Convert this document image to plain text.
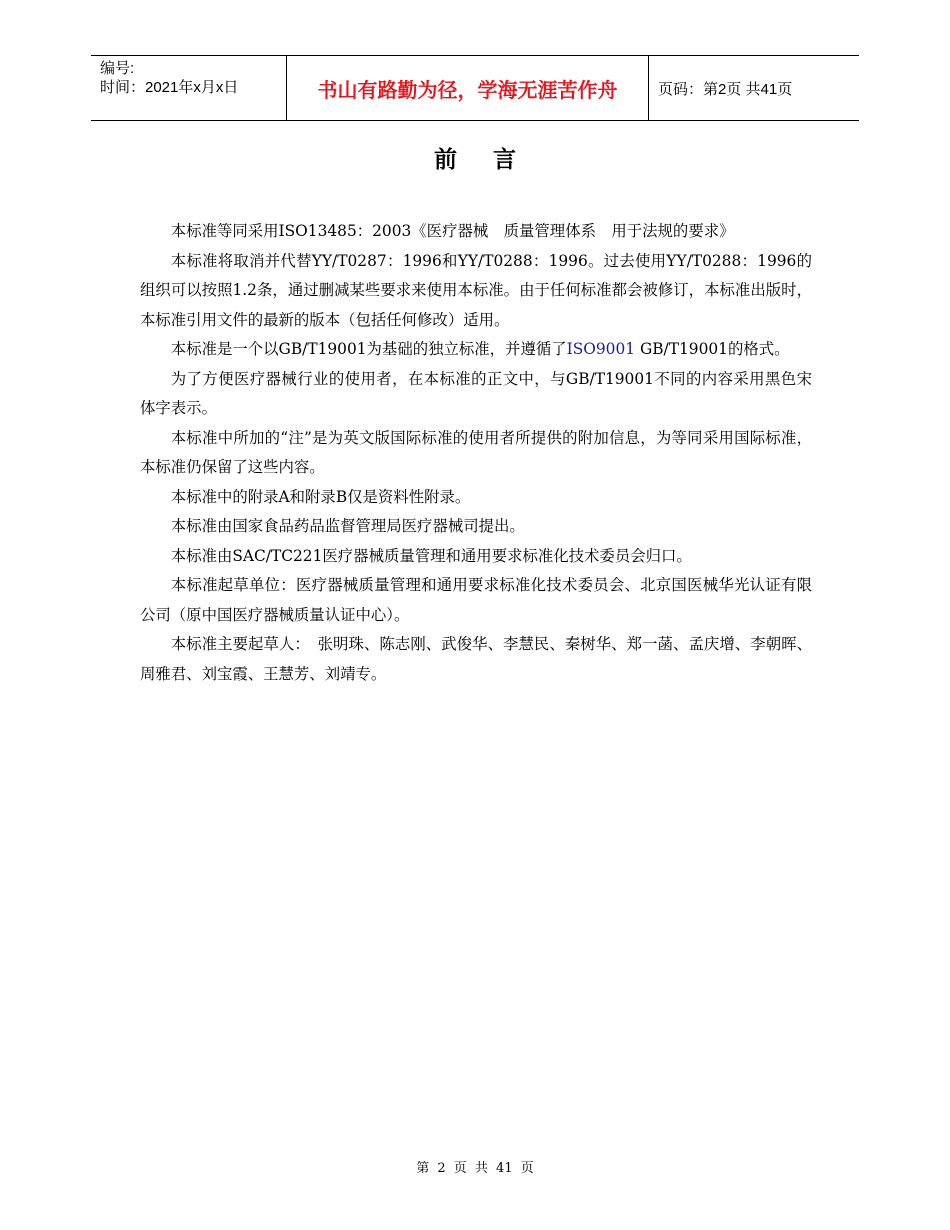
编号:
时间：2021年x月x日	书山有路勤为径，学海无涯苦作舟	页码：第2页 共41页
前言

本标准等同采用ISO13485：2003《医疗器械　质量管理体系　用于法规的要求》

本标准将取消并代替YY/T0287：1996和YY/T0288：1996。过去使用YY/T0288：1996的组织可以按照1.2条，通过删减某些要求来使用本标准。由于任何标准都会被修订，本标准出版时，本标准引用文件的最新的版本（包括任何修改）适用。

本标准是一个以GB/T19001为基础的独立标准，并遵循了ISO9001 GB/T19001的格式。

为了方便医疗器械行业的使用者，在本标准的正文中，与GB/T19001不同的内容采用黑色宋体字表示。

本标准中所加的“注”是为英文版国际标准的使用者所提供的附加信息，为等同采用国际标准，本标准仍保留了这些内容。

本标准中的附录A和附录B仅是资料性附录。

本标准由国家食品药品监督管理局医疗器械司提出。

本标准由SAC/TC221医疗器械质量管理和通用要求标准化技术委员会归口。

本标准起草单位：医疗器械质量管理和通用要求标准化技术委员会、北京国医械华光认证有限公司（原中国医疗器械质量认证中心）。

本标准主要起草人：　张明珠、陈志刚、武俊华、李慧民、秦树华、郑一菡、孟庆增、李朝晖、周雅君、刘宝霞、王慧芳、刘靖专。

第 2 页 共 41 页
